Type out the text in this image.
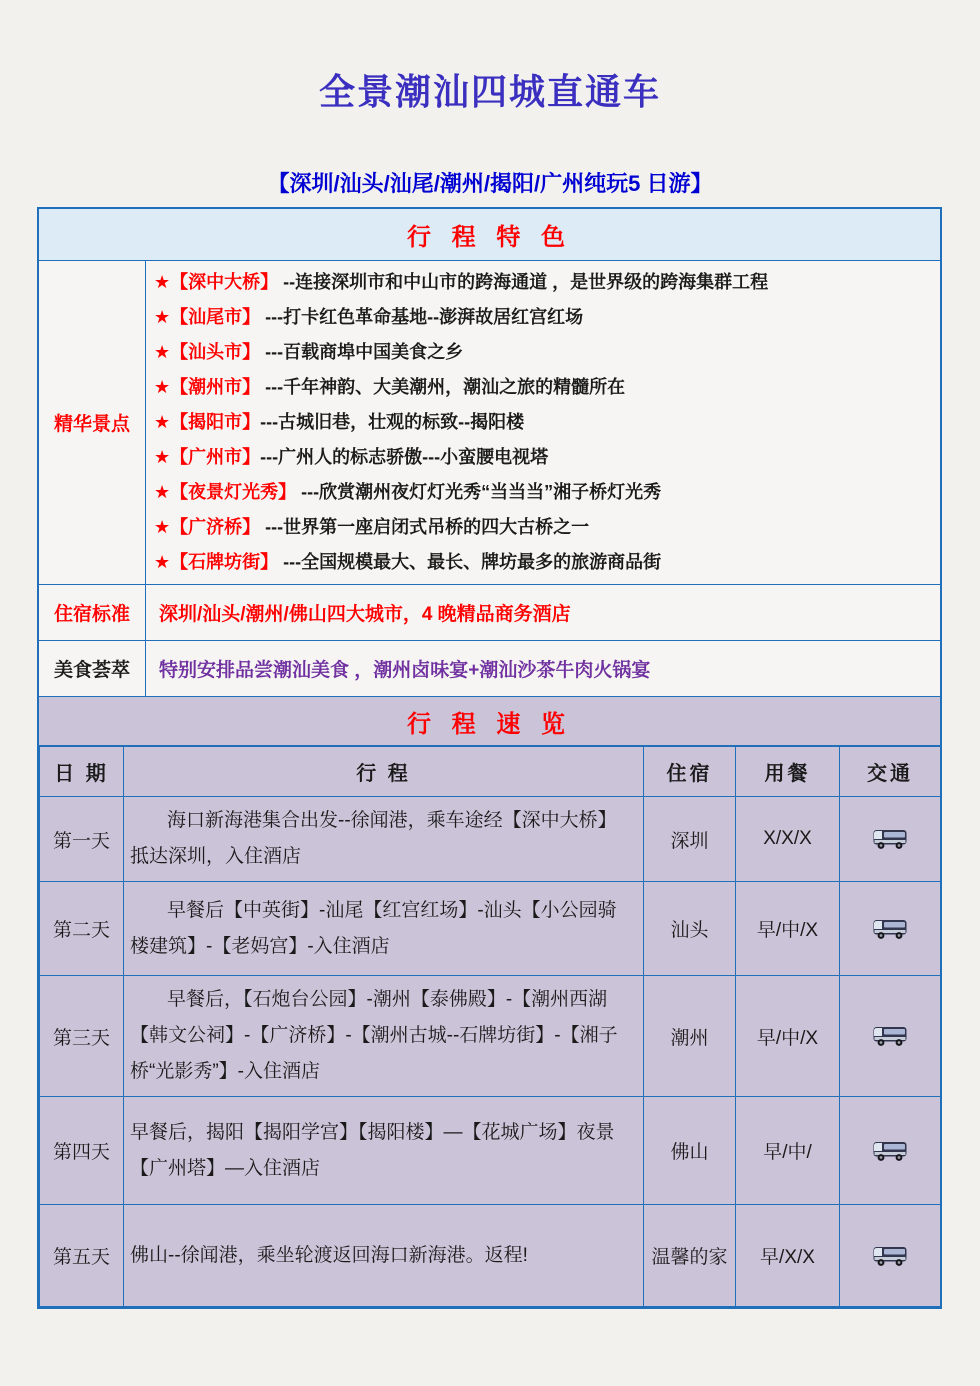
全景潮汕四城直通车
【深圳/汕头/汕尾/潮州/揭阳/广州纯玩5 日游】
行 程 特 色
精华景点
★【深中大桥】 --连接深圳市和中山市的跨海通道 ，是世界级的跨海集群工程
★【汕尾市】 ---打卡红色革命基地--澎湃故居红宫红场
★【汕头市】 ---百载商埠中国美食之乡
★【潮州市】 ---千年神韵、大美潮州，潮汕之旅的精髓所在
★【揭阳市】---古城旧巷，壮观的标致--揭阳楼
★【广州市】---广州人的标志骄傲---小蛮腰电视塔
★【夜景灯光秀】 ---欣赏潮州夜灯灯光秀“当当当”湘子桥灯光秀
★【广济桥】 ---世界第一座启闭式吊桥的四大古桥之一
★【石牌坊街】 ---全国规模最大、最长、牌坊最多的旅游商品街
住宿标准	深圳/汕头/潮州/佛山四大城市，4 晚精品商务酒店
美食荟萃	特别安排品尝潮汕美食 ，潮州卤味宴+潮汕沙茶牛肉火锅宴
行 程 速 览
日 期	行 程	住宿	用餐	交通
第一天	海口新海港集合出发--徐闻港，乘车途经【深中大桥】抵达深圳，入住酒店	深圳	X/X/X	
第二天	早餐后【中英街】-汕尾【红宫红场】-汕头【小公园骑楼建筑】-【老妈宫】-入住酒店	汕头	早/中/X	
第三天	早餐后，【石炮台公园】-潮州【泰佛殿】-【潮州西湖【韩文公祠】-【广济桥】-【潮州古城--石牌坊街】-【湘子桥“光影秀”】-入住酒店	潮州	早/中/X	
第四天	早餐后，揭阳【揭阳学宫】【揭阳楼】—【花城广场】夜景【广州塔】—入住酒店	佛山	早/中/	
第五天	佛山--徐闻港，乘坐轮渡返回海口新海港。返程!	温馨的家	早/X/X	
